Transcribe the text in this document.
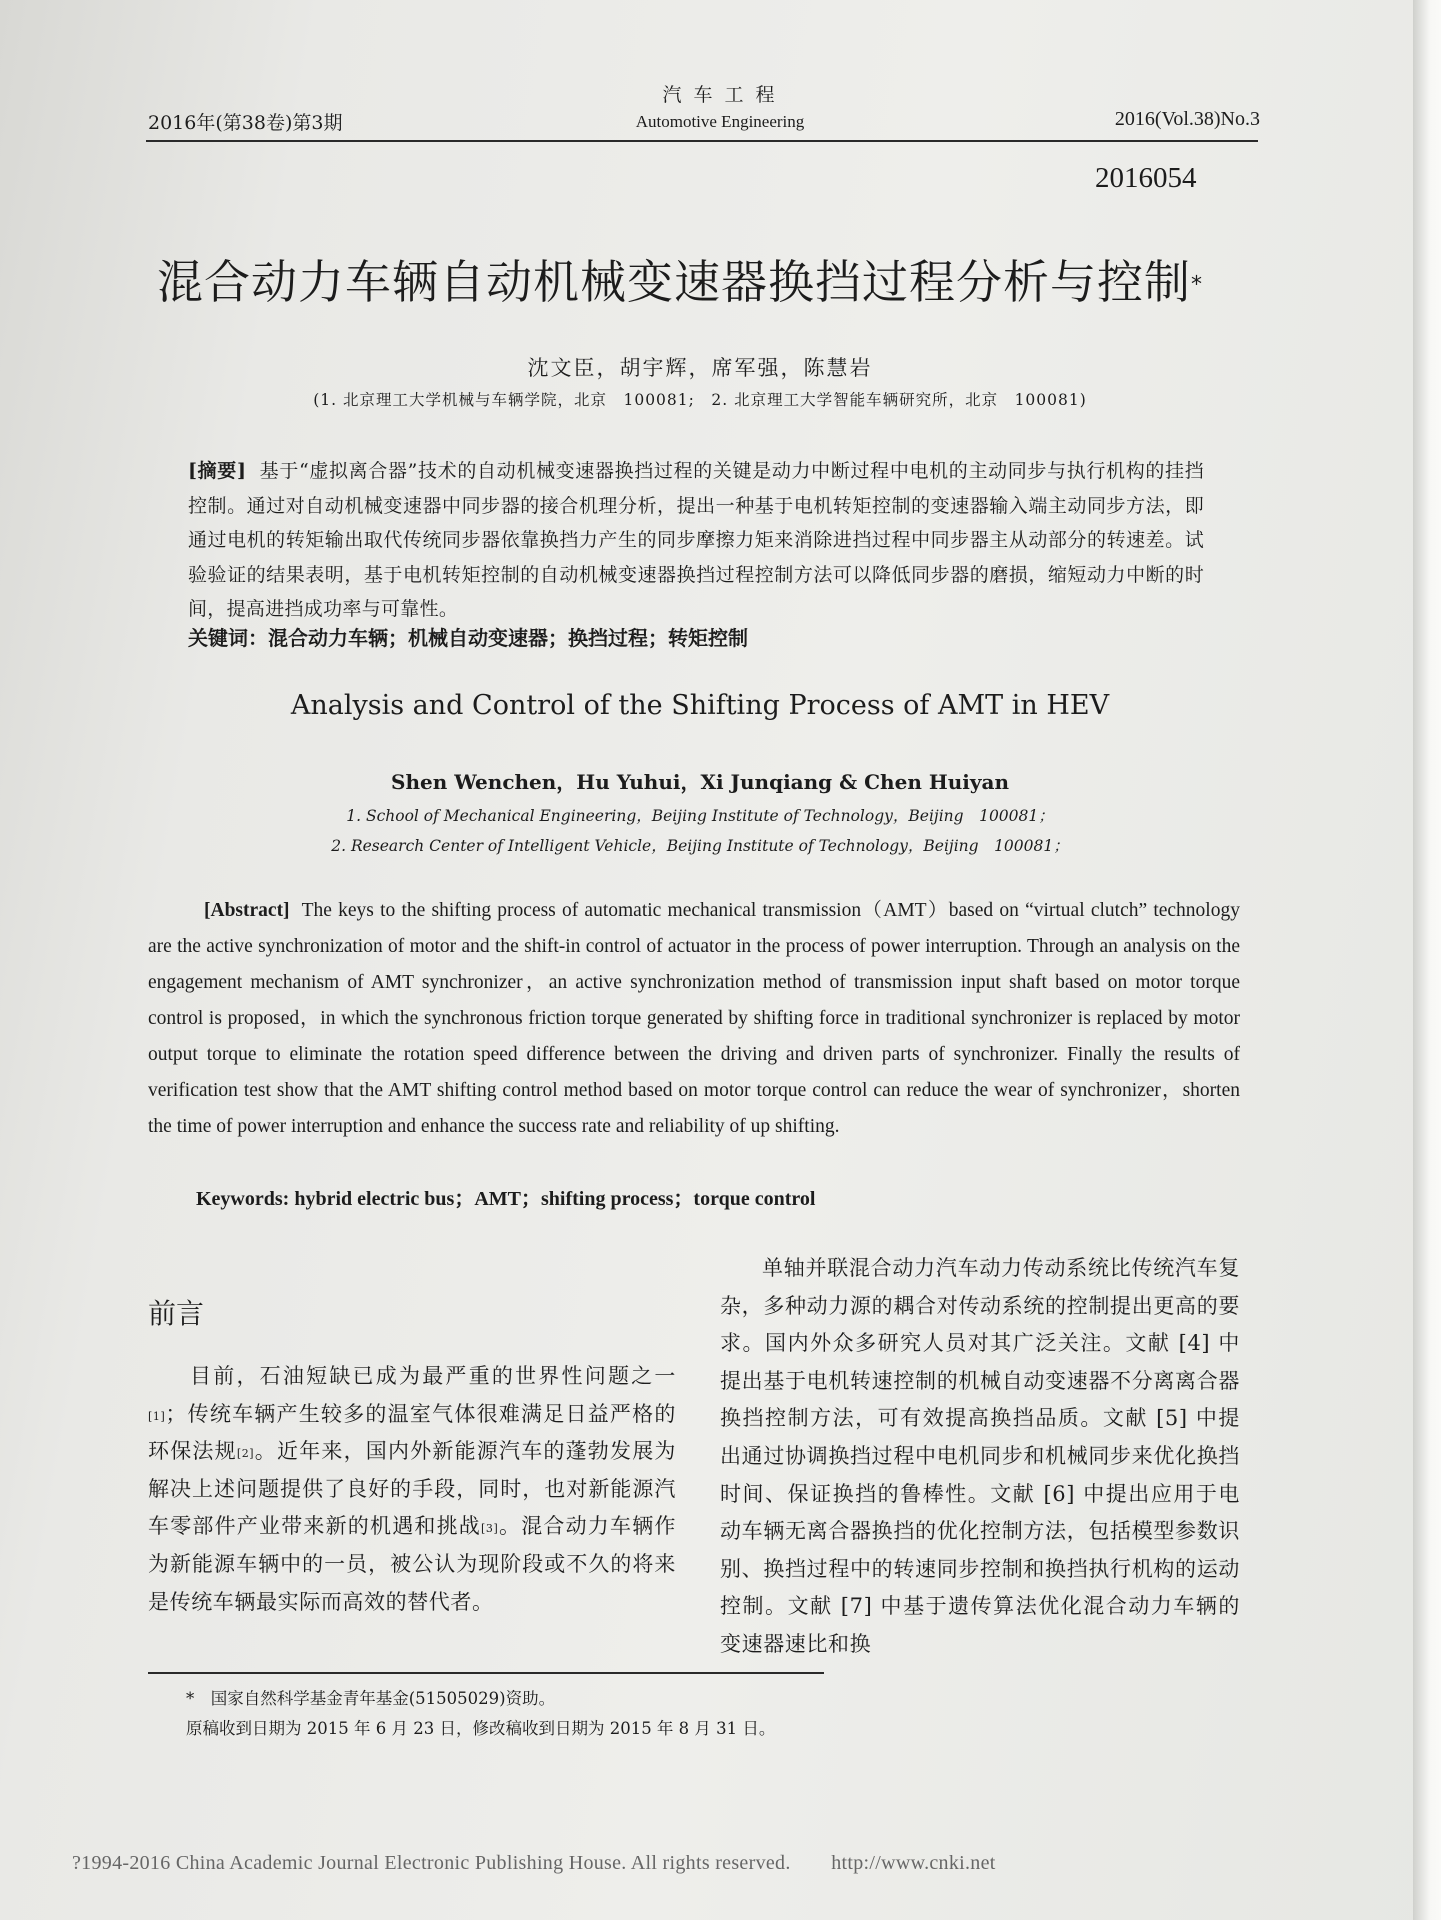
2016年(第38卷)第3期
汽 车 工 程
Automotive Engineering	2016(Vol.38)No.3
2016054
混合动力车辆自动机械变速器换挡过程分析与控制*
沈文臣，胡宇辉，席军强，陈慧岩
(1. 北京理工大学机械与车辆学院，北京　100081;　2. 北京理工大学智能车辆研究所，北京　100081)
[摘要] 基于“虚拟离合器”技术的自动机械变速器换挡过程的关键是动力中断过程中电机的主动同步与执行机构的挂挡控制。通过对自动机械变速器中同步器的接合机理分析，提出一种基于电机转矩控制的变速器输入端主动同步方法，即通过电机的转矩输出取代传统同步器依靠换挡力产生的同步摩擦力矩来消除进挡过程中同步器主从动部分的转速差。试验验证的结果表明，基于电机转矩控制的自动机械变速器换挡过程控制方法可以降低同步器的磨损，缩短动力中断的时间，提高进挡成功率与可靠性。
关键词：混合动力车辆；机械自动变速器；换挡过程；转矩控制
Analysis and Control of the Shifting Process of AMT in HEV
Shen Wenchen，Hu Yuhui，Xi Junqiang & Chen Huiyan
1. School of Mechanical Engineering，Beijing Institute of Technology，Beijing　100081；
2. Research Center of Intelligent Vehicle，Beijing Institute of Technology，Beijing　100081；
[Abstract] The keys to the shifting process of automatic mechanical transmission（AMT）based on “virtual clutch” technology are the active synchronization of motor and the shift-in control of actuator in the process of power interruption. Through an analysis on the engagement mechanism of AMT synchronizer，an active synchronization method of transmission input shaft based on motor torque control is proposed，in which the synchronous friction torque generated by shifting force in traditional synchronizer is replaced by motor output torque to eliminate the rotation speed difference between the driving and driven parts of synchronizer. Finally the results of verification test show that the AMT shifting control method based on motor torque control can reduce the wear of synchronizer，shorten the time of power interruption and enhance the success rate and reliability of up shifting.
Keywords: hybrid electric bus；AMT；shifting process；torque control
前言
目前，石油短缺已成为最严重的世界性问题之一[1]；传统车辆产生较多的温室气体很难满足日益严格的环保法规[2]。近年来，国内外新能源汽车的蓬勃发展为解决上述问题提供了良好的手段，同时，也对新能源汽车零部件产业带来新的机遇和挑战[3]。混合动力车辆作为新能源车辆中的一员，被公认为现阶段或不久的将来是传统车辆最实际而高效的替代者。
单轴并联混合动力汽车动力传动系统比传统汽车复杂，多种动力源的耦合对传动系统的控制提出更高的要求。国内外众多研究人员对其广泛关注。文献 [4] 中提出基于电机转速控制的机械自动变速器不分离离合器换挡控制方法，可有效提高换挡品质。文献 [5] 中提出通过协调换挡过程中电机同步和机械同步来优化换挡时间、保证换挡的鲁棒性。文献 [6] 中提出应用于电动车辆无离合器换挡的优化控制方法，包括模型参数识别、换挡过程中的转速同步控制和换挡执行机构的运动控制。文献 [7] 中基于遗传算法优化混合动力车辆的变速器速比和换
*　国家自然科学基金青年基金(51505029)资助。
原稿收到日期为 2015 年 6 月 23 日，修改稿收到日期为 2015 年 8 月 31 日。
?1994-2016 China Academic Journal Electronic Publishing House. All rights reserved.　　http://www.cnki.net
